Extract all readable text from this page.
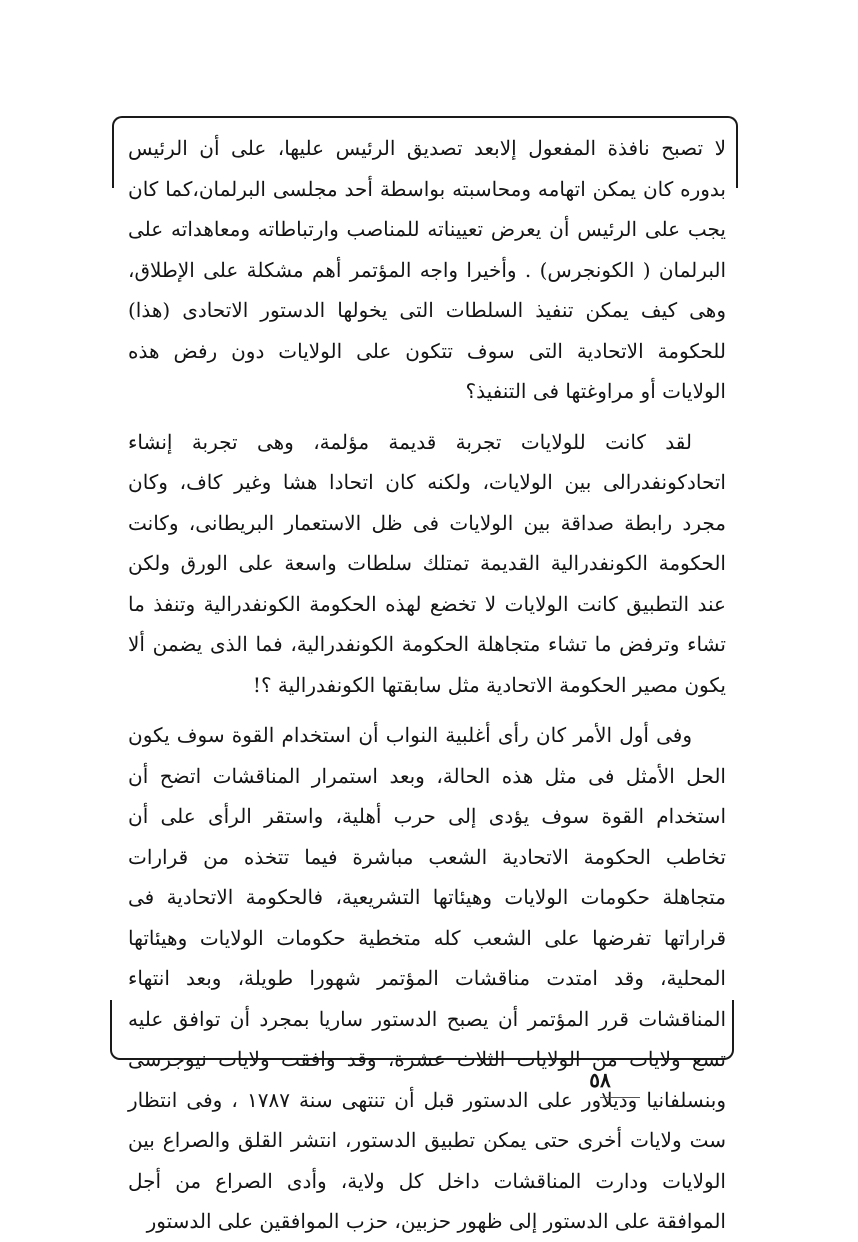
لا تصبح نافذة المفعول إلابعد تصديق الرئيس عليها، على أن الرئيس بدوره كان يمكن اتهامه ومحاسبته بواسطة أحد مجلسى البرلمان،كما كان يجب على الرئيس أن يعرض تعييناته للمناصب وارتباطاته ومعاهداته على البرلمان ( الكونجرس) . وأخيرا واجه المؤتمر أهم مشكلة على الإطلاق، وهى كيف يمكن تنفيذ السلطات التى يخولها الدستور الاتحادى (هذا) للحكومة الاتحادية التى سوف تتكون على الولايات دون رفض هذه الولايات أو مراوغتها فى التنفيذ؟

لقد كانت للولايات تجربة قديمة مؤلمة، وهى تجربة إنشاء اتحادكونفدرالى بين الولايات، ولكنه كان اتحادا هشا وغير كاف، وكان مجرد رابطة صداقة بين الولايات فى ظل الاستعمار البريطانى، وكانت الحكومة الكونفدرالية القديمة تمتلك سلطات واسعة على الورق ولكن عند التطبيق كانت الولايات لا تخضع لهذه الحكومة الكونفدرالية وتنفذ ما تشاء وترفض ما تشاء متجاهلة الحكومة الكونفدرالية، فما الذى يضمن ألا يكون مصير الحكومة الاتحادية مثل سابقتها الكونفدرالية ؟!

وفى أول الأمر كان رأى أغلبية النواب أن استخدام القوة سوف يكون الحل الأمثل فى مثل هذه الحالة، وبعد استمرار المناقشات اتضح أن استخدام القوة سوف يؤدى إلى حرب أهلية، واستقر الرأى على أن تخاطب الحكومة الاتحادية الشعب مباشرة فيما تتخذه من قرارات متجاهلة حكومات الولايات وهيئاتها التشريعية، فالحكومة الاتحادية فى قراراتها تفرضها على الشعب كله متخطية حكومات الولايات وهيئاتها المحلية، وقد امتدت مناقشات المؤتمر شهورا طويلة، وبعد انتهاء المناقشات قرر المؤتمر أن يصبح الدستور ساريا بمجرد أن توافق عليه تسع ولايات من الولايات الثلاث عشرة، وقد وافقت ولايات نيوجرسى وبنسلفانيا وديلاور على الدستور قبل أن تنتهى سنة ١٧٨٧ ، وفى انتظار ست ولايات أخرى حتى يمكن تطبيق الدستور، انتشر القلق والصراع بين الولايات ودارت المناقشات داخل كل ولاية، وأدى الصراع من أجل الموافقة على الدستور إلى ظهور حزبين، حزب الموافقين على الدستور

٥٨
